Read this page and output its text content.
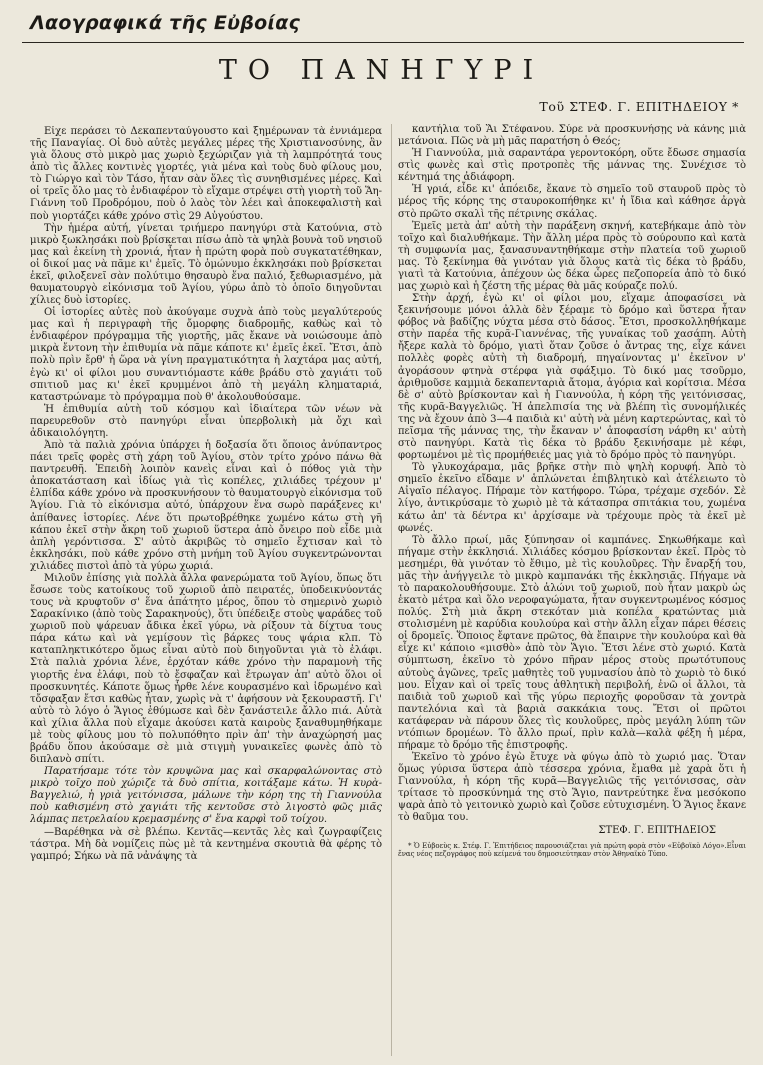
Λαογραφικά τῆς Εὐβοίας
ΤΟ ΠΑΝΗΓΥΡΙ
Τοῦ ΣΤΕΦ. Γ. ΕΠΙΤΗΔΕΙΟΥ *

Εἶχε περάσει τὸ Δεκαπενταύγουστο καὶ ξημέρωναν τὰ ἐννιάμερα τῆς Παναγίας. Οἱ δυὸ αὐτὲς μεγάλες μέρες τῆς Χριστιανοσύνης, ἂν γιὰ ὅλους στὸ μικρὸ μας χωριὸ ξεχώριζαν γιὰ τὴ λαμπρότητά τους ἀπὸ τὶς ἄλλες κοντινὲς γιορτές, γιὰ μένα καὶ τοὺς δυὸ φίλους μου, τὸ Γιώργο καὶ τὸν Τάσο, ἦταν σὰν ὅλες τὶς συνηθισμένες μέρες. Καὶ οἱ τρεῖς ὅλο μας τὸ ἐνδιαφέρον τὸ εἴχαμε στρέψει στὴ γιορτὴ τοῦ Ἅη-Γιάννη τοῦ Προδρόμου, ποὺ ὁ λαὸς τὸν λέει καὶ ἀποκεφαλιστὴ καὶ ποὺ γιορτάζει κάθε χρόνο στὶς 29 Αὐγούστου.

Τὴν ἡμέρα αὐτή, γίνεται τριήμερο πανηγύρι στὰ Κατούνια, στὸ μικρὸ ξωκλησάκι ποὺ βρίσκεται πίσω ἀπὸ τὰ ψηλὰ βουνὰ τοῦ νησιοῦ μας καὶ ἐκείνη τὴ χρονιά, ἦταν ἡ πρώτη φορὰ ποὺ συγκατατέθηκαν, οἱ δικοί μας νὰ πᾶμε κι' ἐμεῖς. Τὸ ὁμώνυμο ἐκκλησάκι ποὺ βρίσκεται ἐκεῖ, φιλοξενεῖ σὰν πολύτιμο θησαυρὸ ἕνα παλιό, ξεθωριασμένο, μὰ θαυματουργὸ εἰκόνισμα τοῦ Ἁγίου, γύρω ἀπὸ τὸ ὁποῖο διηγοῦνται χίλιες δυὸ ἱστορίες.

Οἱ ἱστορίες αὐτὲς ποὺ ἀκούγαμε συχνὰ ἀπὸ τοὺς μεγαλύτερούς μας καὶ ἡ περιγραφὴ τῆς ὄμορφης διαδρομῆς, καθὼς καὶ τὸ ἐνδιαφέρον πρόγραμμα τῆς γιορτῆς, μᾶς ἔκανε νὰ νοιώσουμε ἀπὸ μικρὰ ἔντονη τὴν ἐπιθυμία νὰ πᾶμε κάποτε κι' ἐμεῖς ἐκεῖ. Ἔτσι, ἀπὸ πολὺ πρὶν ἔρθ' ἡ ὥρα νὰ γίνη πραγματικότητα ἡ λαχτάρα μας αὐτή, ἐγὼ κι' οἱ φίλοι μου συναντιόμαστε κάθε βράδυ στὸ χαγιάτι τοῦ σπιτιοῦ μας κι' ἐκεῖ κρυμμένοι ἀπὸ τὴ μεγάλη κληματαριά, καταστρώναμε τὸ πρόγραμμα ποὺ θ' ἀκολουθούσαμε.

Ἡ ἐπιθυμία αὐτὴ τοῦ κόσμου καὶ ἰδιαίτερα τῶν νέων νὰ παρευρεθοῦν στὸ πανηγύρι εἶναι ὑπερβολικὴ μὰ ὄχι καὶ ἀδικαιολόγητη.

Ἀπὸ τὰ παλιὰ χρόνια ὑπάρχει ἡ δοξασία ὅτι ὅποιος ἀνύπαντρος πάει τρεῖς φορὲς στὴ χάρη τοῦ Ἁγίου, στὸν τρίτο χρόνο πάνω θὰ παντρευθῆ. Ἐπειδὴ λοιπὸν κανεὶς εἶναι καὶ ὁ πόθος γιὰ τὴν ἀποκατάσταση καὶ ἰδίως γιὰ τὶς κοπέλες, χιλιάδες τρέχουν μ' ἐλπίδα κάθε χρόνο νὰ προσκυνήσουν τὸ θαυματουργὸ εἰκόνισμα τοῦ Ἁγίου. Γιὰ τὸ εἰκόνισμα αὐτό, ὑπάρχουν ἕνα σωρὸ παράξενες κι' ἀπίθανες ἱστορίες. Λένε ὅτι πρωτοβρέθηκε χωμένο κάτω στὴ γῆ κάπου ἐκεῖ στὴν ἄκρη τοῦ χωριοῦ ὕστερα ἀπὸ ὄνειρο ποὺ εἶδε μιὰ ἁπλὴ γερόντισσα. Σ' αὐτὸ ἀκριβῶς τὸ σημεῖο ἔχτισαν καὶ τὸ ἐκκλησάκι, ποὺ κάθε χρόνο στὴ μνήμη τοῦ Ἁγίου συγκεντρώνονται χιλιάδες πιστοὶ ἀπὸ τὰ γύρω χωριά.

Μιλοῦν ἐπίσης γιὰ πολλὰ ἄλλα φανερώματα τοῦ Ἁγίου, ὅπως ὅτι ἔσωσε τοὺς κατοίκους τοῦ χωριοῦ ἀπὸ πειρατές, ὑποδεικνύοντάς τους νὰ κρυφτοῦν σ' ἕνα ἀπάτητο μέρος, ὅπου τὸ σημερινὸ χωριὸ Σαρακίνικο (ἀπὸ τοὺς Σαρακηνούς), ὅτι ὑπέδειξε στοὺς ψαράδες τοῦ χωριοῦ ποὺ ψάρευαν ἄδικα ἐκεῖ γύρω, νὰ ρίξουν τὰ δίχτυα τους πάρα κάτω καὶ νὰ γεμίσουν τὶς βάρκες τους ψάρια κλπ. Τὸ καταπληκτικότερο ὅμως εἶναι αὐτὸ ποὺ διηγοῦνται γιὰ τὸ ἐλάφι. Στὰ παλιὰ χρόνια λένε, ἐρχόταν κάθε χρόνο τὴν παραμονὴ τῆς γιορτῆς ἐνα ἐλάφι, ποὺ τὸ ἔσφαζαν καὶ ἔτρωγαν ἀπ' αὐτὸ ὅλοι οἱ προσκυνητές. Κάποτε ὅμως ἦρθε λένε κουρασμένο καὶ ἱδρωμένο καὶ τὄσφαξαν ἔτσι καθὼς ἦταν, χωρὶς νὰ τ' ἀφήσουν νὰ ξεκουραστῆ. Γι' αὐτὸ τὸ λόγο ὁ Ἅγιος ἐθύμωσε καὶ δὲν ξανάστειλε ἄλλο πιά. Αὐτὰ καὶ χίλια ἄλλα ποὺ εἴχαμε ἀκούσει κατὰ καιροὺς ξαναθυμηθήκαμε μὲ τοὺς φίλους μου τὸ πολυπόθητο πρὶν ἀπ' τὴν ἀναχώρησή μας βράδυ ὅπου ἀκούσαμε σὲ μιὰ στιγμὴ γυναικεῖες φωνὲς ἀπὸ τὸ διπλανὸ σπίτι.

Παρατήσαμε τότε τὸν κρυψῶνα μας καὶ σκαρφαλώνοντας στὸ μικρὸ τοῖχο ποὺ χώριζε τὰ δυὸ σπίτια, κοιτάξαμε κάτω. Ἡ κυρὰ-Βαγγελιώ, ἡ γριὰ γειτόνισσα, μάλωνε τὴν κόρη της τὴ Γιαννούλα ποὺ καθισμένη στὸ χαγιάτι τῆς κεντοῦσε στὸ λιγοστὸ φῶς μιᾶς λάμπας πετρελαίου κρεμασμένης σ' ἕνα καρφὶ τοῦ τοίχου.

—Βαρέθηκα νὰ σὲ βλέπω. Κεντᾶς—κεντᾶς λὲς καὶ ζωγραφίζεις τάστρα. Μὴ δὰ νομίζεις πὼς μὲ τὰ κεντημένα σκουτιὰ θὰ φέρης τὸ γαμπρό; Σήκω νὰ πᾶ νἀνάψης τὰ

καντήλια τοῦ Ἅι Στέφανου. Σύρε νὰ προσκυνήσῃς νὰ κάνης μιὰ μετάνοια. Πῶς νὰ μὴ μᾶς παρατήση ὁ Θεός;

Ἡ Γιαννούλα, μιὰ σαραντάρα γεροντοκόρη, οὔτε ἔδωσε σημασία στὶς φωνὲς καὶ στὶς προτροπὲς τῆς μάννας της. Συνέχισε τὸ κέντημά της ἀδιάφορη.

Ἡ γριά, εἶδε κι' ἀπόειδε, ἔκανε τὸ σημεῖο τοῦ σταυροῦ πρὸς τὸ μέρος τῆς κόρης της σταυροκοπήθηκε κι' ἡ ἴδια καὶ κάθησε ἀργὰ στὸ πρῶτο σκαλὶ τῆς πέτρινης σκάλας.

Ἐμεῖς μετὰ ἀπ' αὐτὴ τὴν παράξενη σκηνή, κατεβήκαμε ἀπὸ τὸν τοῖχο καὶ διαλυθήκαμε. Τὴν ἄλλη μέρα πρὸς τὸ σούρουπο καὶ κατὰ τὴ συμφωνία μας, ξανασυναντηθήκαμε στὴν πλατεία τοῦ χωριοῦ μας. Τὸ ξεκίνημα θὰ γινόταν γιὰ ὅλους κατὰ τὶς δέκα τὸ βράδυ, γιατὶ τὰ Κατούνια, ἀπέχουν ὡς δέκα ὧρες πεζοπορεία ἀπὸ τὸ δικό μας χωριὸ καὶ ἡ ζέστη τῆς μέρας θὰ μᾶς κούραζε πολύ.

Στὴν ἀρχή, ἐγὼ κι' οἱ φίλοι μου, εἴχαμε ἀποφασίσει νὰ ξεκινήσουμε μόνοι ἀλλὰ δὲν ξέραμε τὸ δρόμο καὶ ὕστερα ἦταν φόβος νὰ βαδίζης νύχτα μέσα στὸ δάσος. Ἔτσι, προσκολληθήκαμε στὴν παρέα τῆς κυρᾶ-Γιαννένας, τῆς γυναίκας τοῦ χασάπη. Αὐτὴ ἤξερε καλὰ τὸ δρόμο, γιατὶ ὅταν ζοῦσε ὁ ἄντρας της, εἶχε κάνει πολλὲς φορὲς αὐτὴ τὴ διαδρομή, πηγαίνοντας μ' ἐκεῖνον ν' ἀγοράσουν φτηνὰ στέρφα γιὰ σφάξιμο. Τὸ δικό μας τσοῦρμο, ἀριθμοῦσε καμμιὰ δεκαπενταριὰ ἄτομα, ἀγόρια καὶ κορίτσια. Μέσα δὲ σ' αὐτὸ βρίσκονταν καὶ ἡ Γιαννούλα, ἡ κόρη τῆς γειτόνισσας, τῆς κυρᾶ-Βαγγελιῶς. Ἡ ἀπελπισία της νὰ βλέπη τὶς συνομήλικές της νὰ ἔχουν ἀπὸ 3—4 παιδιὰ κι' αὐτὴ νὰ μένη καρτερώντας, καὶ τὸ πεῖσμα τῆς μάννας της, τὴν ἔκαναν ν' ἀποφασίση νάρθη κι' αὐτὴ στὸ πανηγύρι. Κατὰ τὶς δέκα τὸ βράδυ ξεκινήσαμε μὲ κέφι, φορτωμένοι μὲ τὶς προμήθειές μας γιὰ τὸ δρόμο πρὸς τὸ πανηγύρι.

Τὸ γλυκοχάραμα, μᾶς βρῆκε στὴν πιὸ ψηλὴ κορυφή. Ἀπὸ τὸ σημεῖο ἐκεῖνο εἴδαμε ν' ἁπλώνεται ἐπιβλητικὸ καὶ ἀτέλειωτο τὸ Αἰγαῖο πέλαγος. Πήραμε τὸν κατήφορο. Τώρα, τρέχαμε σχεδόν. Σὲ λίγο, ἀντικρύσαμε τὸ χωριὸ μὲ τὰ κάτασπρα σπιτάκια του, χωμένα κάτω ἀπ' τὰ δέντρα κι' ἀρχίσαμε νὰ τρέχουμε πρὸς τὰ ἐκεῖ μὲ φωνές.

Τὸ ἄλλο πρωί, μᾶς ξύπνησαν οἱ καμπάνες. Σηκωθήκαμε καὶ πήγαμε στὴν ἐκκλησιά. Χιλιάδες κόσμου βρίσκονταν ἐκεῖ. Πρὸς τὸ μεσημέρι, θὰ γινόταν τὸ ἔθιμο, μὲ τὶς κουλοῦρες. Τὴν ἔναρξή του, μᾶς τὴν ἀνήγγειλε τὸ μικρὸ καμπανάκι τῆς ἐκκλησιᾶς. Πήγαμε νὰ τὸ παρακολουθήσουμε. Στὸ ἁλώνι τοῦ χωριοῦ, ποὺ ἦταν μακρὺ ὡς ἑκατὸ μέτρα καὶ ὅλο νεροφαγώματα, ἦταν συγκεντρωμένος κόσμος πολύς. Στὴ μιὰ ἄκρη στεκόταν μιὰ κοπέλα κρατώντας μιὰ στολισμένη μὲ καρύδια κουλούρα καὶ στὴν ἄλλη εἶχαν πάρει θέσεις οἱ δρομεῖς. Ὅποιος ἔφτανε πρῶτος, θὰ ἔπαιρνε τὴν κουλούρα καὶ θὰ εἶχε κι' κάποιο «μισθὸ» ἀπὸ τὸν Ἅγιο. Ἔτσι λένε στὸ χωριό. Κατὰ σύμπτωση, ἐκεῖνο τὸ χρόνο πῆραν μέρος στοὺς πρωτότυπους αὐτοὺς ἀγῶνες, τρεῖς μαθητὲς τοῦ γυμνασίου ἀπὸ τὸ χωριὸ τὸ δικό μου. Εἶχαν καὶ οἱ τρεῖς τους ἀθλητικὴ περιβολή, ἐνῶ οἱ ἄλλοι, τὰ παιδιὰ τοῦ χωριοῦ καὶ τῆς γύρω περιοχῆς φοροῦσαν τὰ χοντρὰ παντελόνια καὶ τὰ βαριὰ σακκάκια τους. Ἔτσι οἱ πρῶτοι κατάφεραν νὰ πάρουν ὅλες τὶς κουλοῦρες, πρὸς μεγάλη λύπη τῶν ντόπιων δρομέων. Τὸ ἄλλο πρωί, πρὶν καλὰ—καλὰ φέξη ἡ μέρα, πήραμε τὸ δρόμο τῆς ἐπιστροφῆς.

Ἐκεῖνο τὸ χρόνο ἐγὼ ἔτυχε νὰ φύγω ἀπὸ τὸ χωριό μας. Ὅταν ὅμως γύρισα ὕστερα ἀπὸ τέσσερα χρόνια, ἔμαθα μὲ χαρὰ ὅτι ἡ Γιαννούλα, ἡ κόρη τῆς κυρᾶ—Βαγγελιῶς τῆς γειτόνισσας, σὰν τρίτασε τὸ προσκύνημά της στὸ Ἅγιο, παντρεύτηκε ἕνα μεσόκοπο ψαρὰ ἀπὸ τὸ γειτονικὸ χωριὸ καὶ ζοῦσε εὐτυχισμένη. Ὁ Ἅγιος ἔκανε τὸ θαῦμα του.

ΣΤΕΦ. Γ. ΕΠΙΤΗΔΕΙΟΣ

* Ὁ Εὐβοεὺς κ. Στέφ. Γ. Ἐπιτήδειος παρουσιάζεται γιὰ πρώτη φορὰ στὸν «Εὐβοϊκὸ Λόγο».Εἶναι ἕνας νέος πεζογράφος ποὺ κείμενά του δημοσιεύτηκαν στὸν Ἀθηναϊκὸ Τύπο.
